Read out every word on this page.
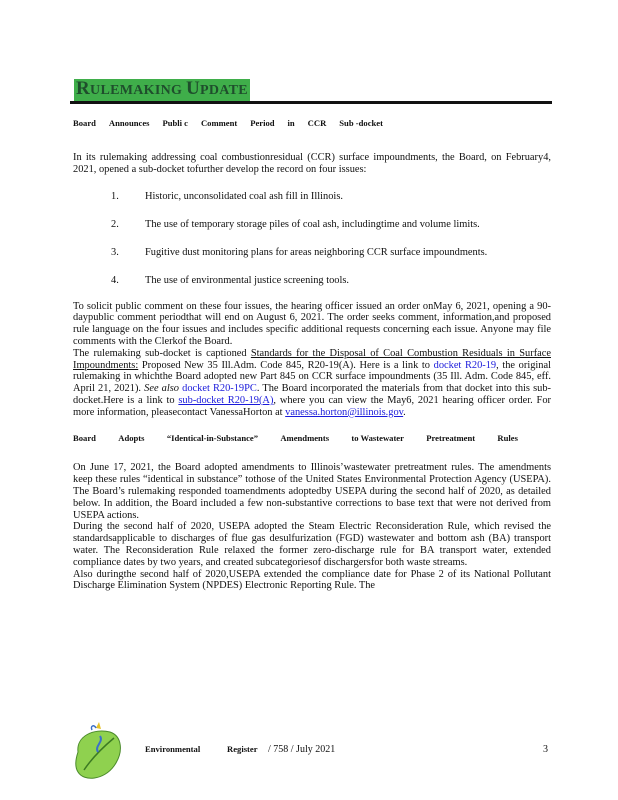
RULEMAKING UPDATE
Board Announces Publi c Comment Period in CCR Sub -docket

In its rulemaking addressing coal combustionresidual (CCR) surface impoundments, the Board, on February4, 2021, opened a sub-docket tofurther develop the record on four issues:

1.	Historic, unconsolidated coal ash fill in Illinois.
2.	The use of temporary storage piles of coal ash, includingtime and volume limits.
3.	Fugitive dust monitoring plans for areas neighboring CCR surface impoundments.
4.	The use of environmental justice screening tools.

To solicit public comment on these four issues, the hearing officer issued an order onMay 6, 2021, opening a 90-daypublic comment periodthat will end on August 6, 2021. The order seeks comment, information,and proposed rule language on the four issues and includes specific additional requests concerning each issue. Anyone may file comments with the Clerkof the Board.

The rulemaking sub-docket is captioned Standards for the Disposal of Coal Combustion Residuals in Surface Impoundments: Proposed New 35 Ill.Adm. Code 845, R20-19(A). Here is a link to docket R20-19, the original rulemaking in whichthe Board adopted new Part 845 on CCR surface impoundments (35 Ill. Adm. Code 845, eff. April 21, 2021). See also docket R20-19PC. The Board incorporated the materials from that docket into this sub-docket.Here is a link to sub-docket R20-19(A), where you can view the May6, 2021 hearing officer order. For more information, pleasecontact VanessaHorton at vanessa.horton@illinois.gov.

Board	Adopts	“Identical-in-Substance”	Amendments	to Wastewater	Pretreatment	Rules

On June 17, 2021, the Board adopted amendments to Illinois’wastewater pretreatment rules. The amendments keep these rules “identical in substance” tothose of the United States Environmental Protection Agency (USEPA). The Board’s rulemaking responded toamendments adoptedby USEPA during the second half of 2020, as detailed below. In addition, the Board included a few non-substantive corrections to base text that were not derived from USEPA actions.

During the second half of 2020, USEPA adopted the Steam Electric Reconsideration Rule, which revised the standardsapplicable to discharges of flue gas desulfurization (FGD) wastewater and bottom ash (BA) transport water. The Reconsideration Rule relaxed the former zero-discharge rule for BA transport water, extended compliance dates by two years, and created subcategoriesof dischargersfor both waste streams.

Also duringthe second half of 2020,USEPA extended the compliance date for Phase 2 of its National Pollutant Discharge Elimination System (NPDES) Electronic Reporting Rule. The

Environmental	Register / 758 / July 2021	3
